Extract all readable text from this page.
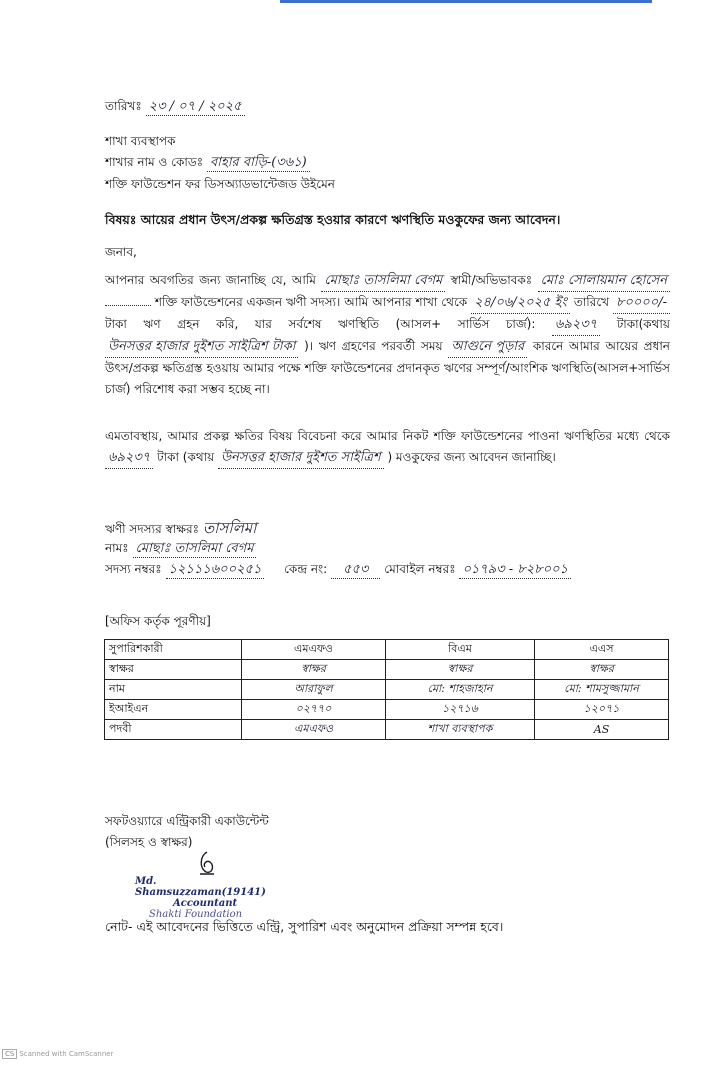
তারিখঃ ২৩ / ০৭ / ২০২৫
শাখা ব্যবস্থাপক
শাখার নাম ও কোডঃ বাহার বাড়ি-(৩৬১)
শক্তি ফাউন্ডেশন ফর ডিসঅ্যাডভান্টেজড উইমেন
বিষয়ঃ আয়ের প্রধান উৎস/প্রকল্প ক্ষতিগ্রস্ত হওয়ার কারণে ঋণস্থিতি মওকুফের জন্য আবেদন।
জনাব,
আপনার অবগতির জন্য জানাচ্ছি যে, আমি মোছাঃ তাসলিমা বেগম স্বামী/অভিভাবকঃ মোঃ সোলায়মান হোসেন  শক্তি ফাউন্ডেশনের একজন ঋণী সদস্য। আমি আপনার শাখা থেকে ২৪/০৬/২০২৫ ইং তারিখে ৮০০০০/- টাকা ঋণ গ্রহন করি, যার সর্বশেষ ঋণস্থিতি (আসল+ সার্ভিস চার্জ): ৬৯২৩৭ টাকা(কথায় উনসত্তর হাজার দুইশত সাইত্রিশ টাকা )। ঋণ গ্রহণের পরবর্তী সময় আগুনে পুড়ার কারনে আমার আয়ের প্রধান উৎস/প্রকল্প ক্ষতিগ্রস্ত হওয়ায় আমার পক্ষে শক্তি ফাউন্ডেশনের প্রদানকৃত ঋণের সম্পূর্ণ/আংশিক ঋণস্থিতি(আসল+সার্ভিস চার্জ) পরিশোধ করা সম্ভব হচ্ছে না।
এমতাবস্থায়, আমার প্রকল্প ক্ষতির বিষয় বিবেচনা করে আমার নিকট শক্তি ফাউন্ডেশনের পাওনা ঋণস্থিতির মধ্যে থেকে ৬৯২৩৭ টাকা (কথায় উনসত্তর হাজার দুইশত সাইত্রিশ ) মওকুফের জন্য আবেদন জানাচ্ছি।
ঋণী সদস্যর স্বাক্ষরঃ তাসলিমা
নামঃ মোছাঃ তাসলিমা বেগম
সদস্য নম্বরঃ ১২১১১৬০০২৫১ কেন্দ্র নং: ৫৫৩ মোবাইল নম্বরঃ ০১৭৯৩ - ৮২৮০০১
[অফিস কর্তৃক পূরণীয়]
সুপারিশকারী	এমএফও	বিএম	এএস
স্বাক্ষর	স্বাক্ষর	স্বাক্ষর	স্বাক্ষর
নাম	আরাফুল	মো: শাহজাহান	মো: শামসুজ্জামান
ইআইএন	০২৭৭০	১২৭১৬	১২০৭১
পদবী	এমএফও	শাখা ব্যবস্থাপক	AS
সফটওয়্যারে এন্ট্রিকারী একাউন্টেন্ট
(সিলসহ ও স্বাক্ষর)
Md. Shamsuzzaman(19141)
Accountant
Shakti Foundation
নোট- এই আবেদনের ভিত্তিতে এন্ট্রি, সুপারিশ এবং অনুমোদন প্রক্রিয়া সম্পন্ন হবে।
CS Scanned with CamScanner
